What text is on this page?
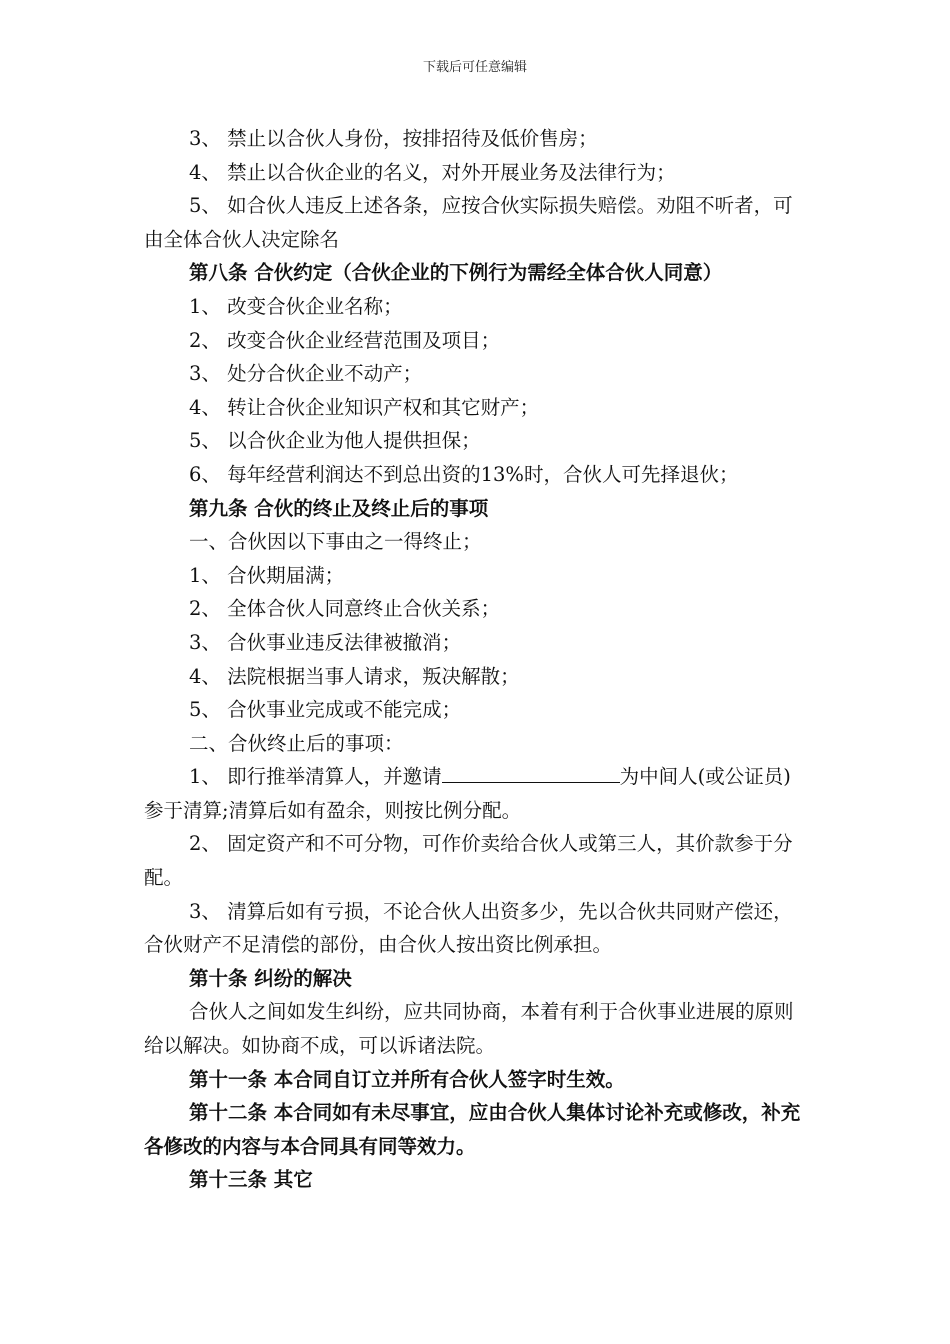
下载后可任意编辑

3、 禁止以合伙人身份，按排招待及低价售房；

4、 禁止以合伙企业的名义，对外开展业务及法律行为；

5、 如合伙人违反上述各条，应按合伙实际损失赔偿。劝阻不听者，可由全体合伙人决定除名

第八条 合伙约定（合伙企业的下例行为需经全体合伙人同意）

1、 改变合伙企业名称；

2、 改变合伙企业经营范围及项目；

3、 处分合伙企业不动产；

4、 转让合伙企业知识产权和其它财产；

5、 以合伙企业为他人提供担保；

6、 每年经营利润达不到总出资的13%时，合伙人可先择退伙；

第九条 合伙的终止及终止后的事项

一、合伙因以下事由之一得终止；

1、 合伙期届满；

2、 全体合伙人同意终止合伙关系；

3、 合伙事业违反法律被撤消；

4、 法院根据当事人请求，叛决解散；

5、 合伙事业完成或不能完成；

二、合伙终止后的事项：

1、 即行推举清算人，并邀请	为中间人(或公证员)参于清算;清算后如有盈余，则按比例分配。

2、 固定资产和不可分物，可作价卖给合伙人或第三人，其价款参于分配。

3、 清算后如有亏损，不论合伙人出资多少，先以合伙共同财产偿还，合伙财产不足清偿的部份，由合伙人按出资比例承担。

第十条 纠纷的解决

合伙人之间如发生纠纷，应共同协商，本着有利于合伙事业进展的原则给以解决。如协商不成，可以诉诸法院。

第十一条 本合同自订立并所有合伙人签字时生效。

第十二条 本合同如有未尽事宜，应由合伙人集体讨论补充或修改，补充各修改的内容与本合同具有同等效力。

第十三条 其它
